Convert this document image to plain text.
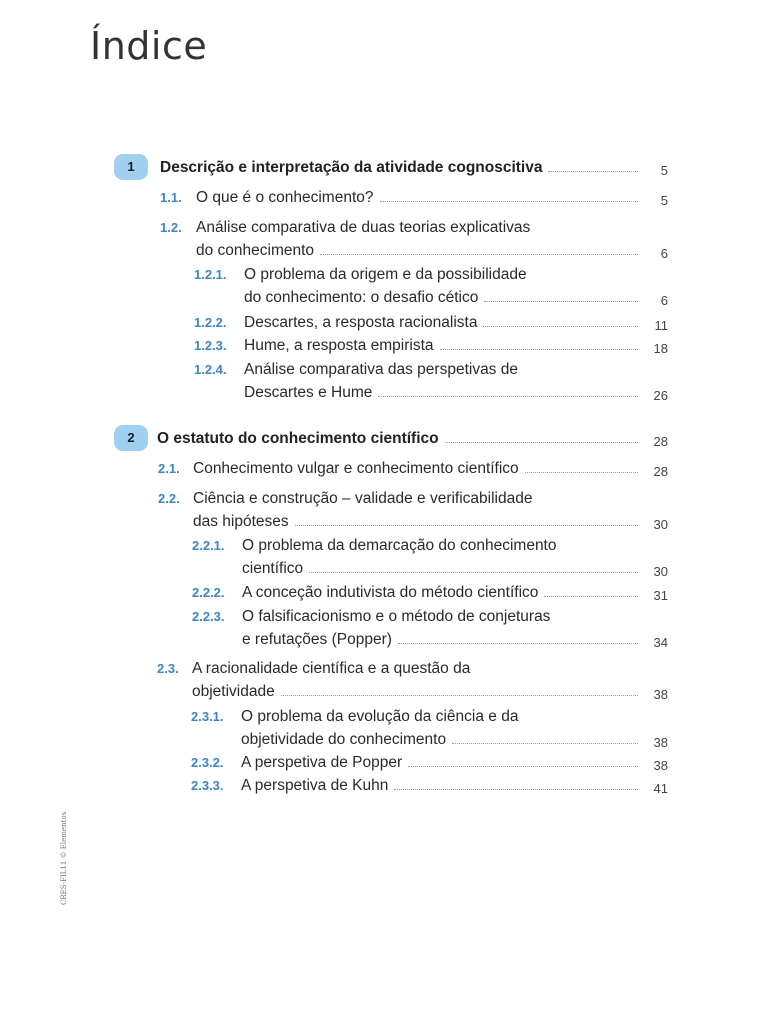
Índice
1	Descrição e interpretação da atividade cognoscitiva	5
1.1. O que é o conhecimento?	5
1.2. Análise comparativa de duas teorias explicativas
do conhecimento	6
1.2.1.	O problema da origem e da possibilidade
do conhecimento: o desafio cético	6
1.2.2.	Descartes, a resposta racionalista	11
1.2.3.	Hume, a resposta empirista	18
1.2.4.	Análise comparativa das perspetivas de
Descartes e Hume	26
2	O estatuto do conhecimento científico	28
2.1. Conhecimento vulgar e conhecimento científico	28
2.2. Ciência e construção – validade e verificabilidade
das hipóteses	30
2.2.1.	O problema da demarcação do conhecimento
científico	30
2.2.2.	A conceção indutivista do método científico	31
2.2.3.	O falsificacionismo e o método de conjeturas
e refutações (Popper)	34
2.3. A racionalidade científica e a questão da
objetividade	38
2.3.1.	O problema da evolução da ciência e da
objetividade do conhecimento	38
2.3.2.	A perspetiva de Popper	38
2.3.3.	A perspetiva de Kuhn	41
CRES-FIL11 © Elementos
